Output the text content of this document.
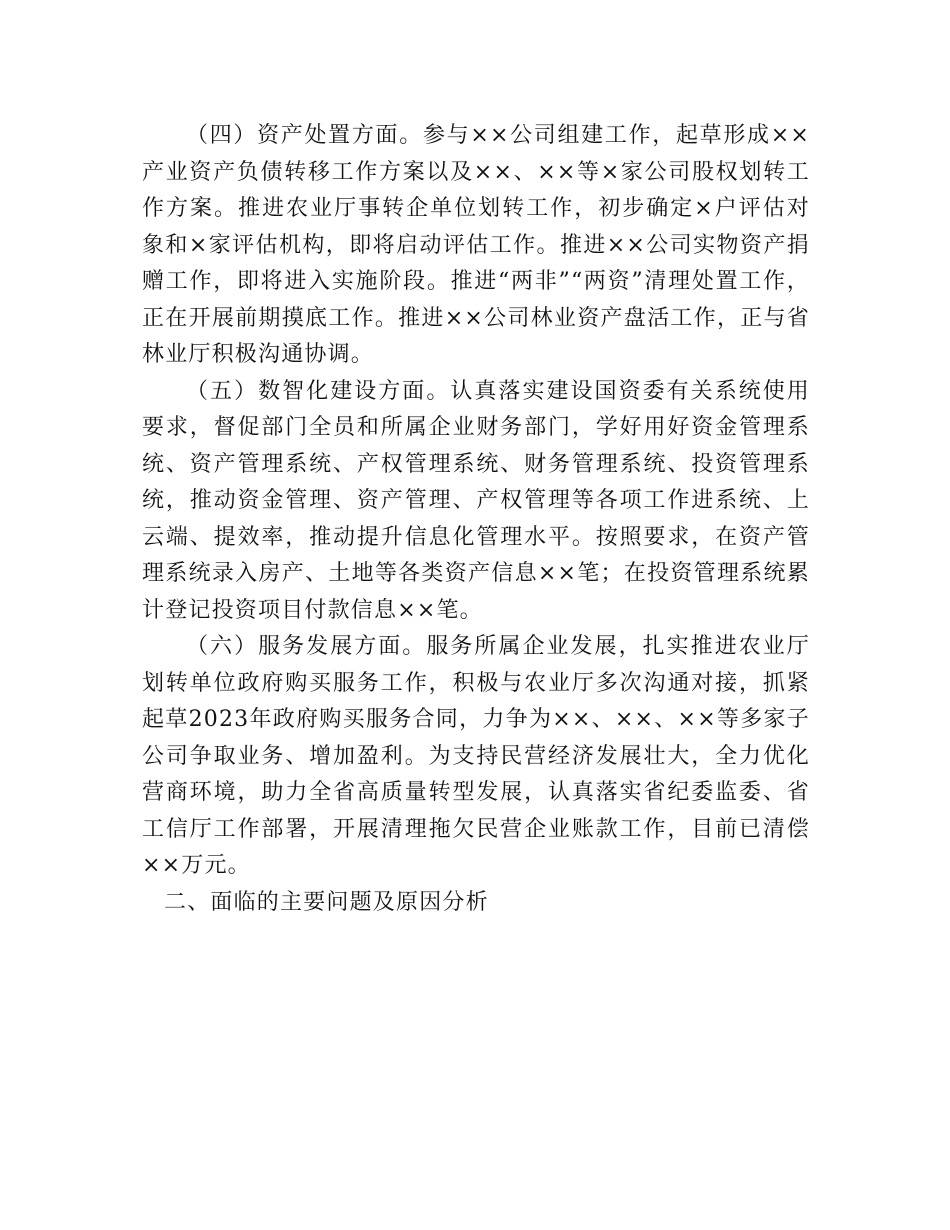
（四）资产处置方面。参与××公司组建工作，起草形成××产业资产负债转移工作方案以及××、××等×家公司股权划转工作方案。推进农业厅事转企单位划转工作，初步确定×户评估对象和×家评估机构，即将启动评估工作。推进××公司实物资产捐赠工作，即将进入实施阶段。推进“两非”“两资”清理处置工作，正在开展前期摸底工作。推进××公司林业资产盘活工作，正与省林业厅积极沟通协调。

（五）数智化建设方面。认真落实建设国资委有关系统使用要求，督促部门全员和所属企业财务部门，学好用好资金管理系统、资产管理系统、产权管理系统、财务管理系统、投资管理系统，推动资金管理、资产管理、产权管理等各项工作进系统、上云端、提效率，推动提升信息化管理水平。按照要求，在资产管理系统录入房产、土地等各类资产信息××笔；在投资管理系统累计登记投资项目付款信息××笔。

（六）服务发展方面。服务所属企业发展，扎实推进农业厅划转单位政府购买服务工作，积极与农业厅多次沟通对接，抓紧起草2023年政府购买服务合同，力争为××、××、××等多家子公司争取业务、增加盈利。为支持民营经济发展壮大，全力优化营商环境，助力全省高质量转型发展，认真落实省纪委监委、省工信厅工作部署，开展清理拖欠民营企业账款工作，目前已清偿××万元。

二、面临的主要问题及原因分析
